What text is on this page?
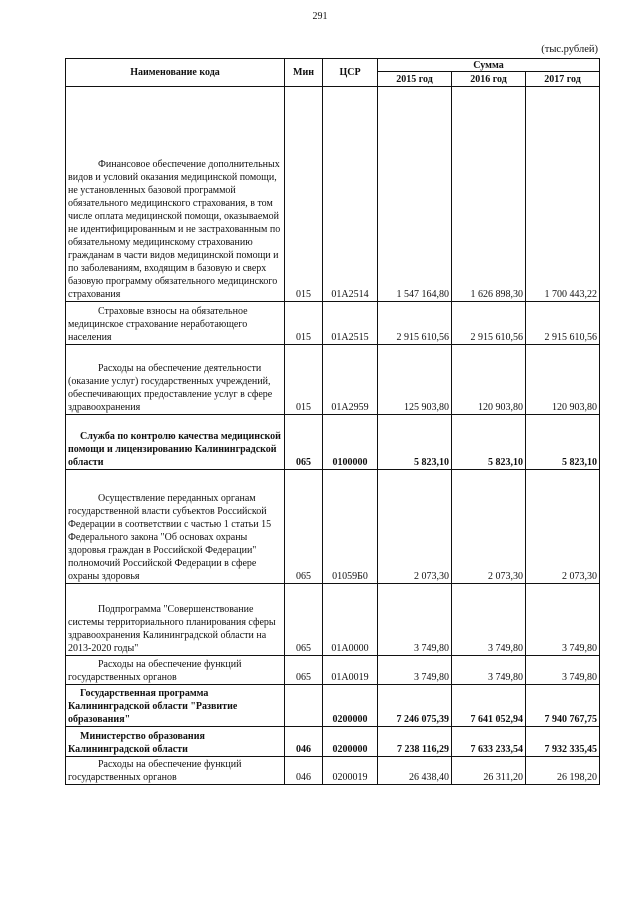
291
(тыс.рублей)
Наименование кода	Мин	ЦСР	Сумма		
			2015 год	2016 год	2017 год

Финансовое обеспечение дополнительных видов и условий оказания медицинской помощи, не установленных базовой программой обязательного медицинского страхования, в том числе оплата медицинской помощи, оказываемой не идентифицированным и не застрахованным по обязательному медицинскому страхованию гражданам в части видов медицинской помощи и по заболеваниям, входящим в базовую и сверх базовую программу обязательного медицинского страхования	015	01А2514	1 547 164,80	1 626 898,30	1 700 443,22

Страховые взносы на обязательное медицинское страхование неработающего населения	015	01А2515	2 915 610,56	2 915 610,56	2 915 610,56

Расходы на обеспечение деятельности (оказание услуг) государственных учреждений, обеспечивающих предоставление услуг в сфере здравоохранения	015	01А2959	125 903,80	120 903,80	120 903,80

Служба по контролю качества медицинской помощи и лицензированию Калининградской области	065	0100000	5 823,10	5 823,10	5 823,10

Осуществление переданных органам государственной власти субъектов Российской Федерации в соответствии с частью 1 статьи 15 Федерального закона "Об основах охраны здоровья граждан в Российской Федерации" полномочий Российской Федерации в сфере охраны здоровья	065	01059Б0	2 073,30	2 073,30	2 073,30

Подпрограмма "Совершенствование системы территориального планирования сферы здравоохранения Калининградской области на 2013-2020 годы"	065	01А0000	3 749,80	3 749,80	3 749,80

Расходы на обеспечение функций государственных органов	065	01А0019	3 749,80	3 749,80	3 749,80

Государственная программа Калининградской области "Развитие образования"		0200000	7 246 075,39	7 641 052,94	7 940 767,75

Министерство образования Калининградской области	046	0200000	7 238 116,29	7 633 233,54	7 932 335,45

Расходы на обеспечение функций государственных органов	046	0200019	26 438,40	26 311,20	26 198,20
